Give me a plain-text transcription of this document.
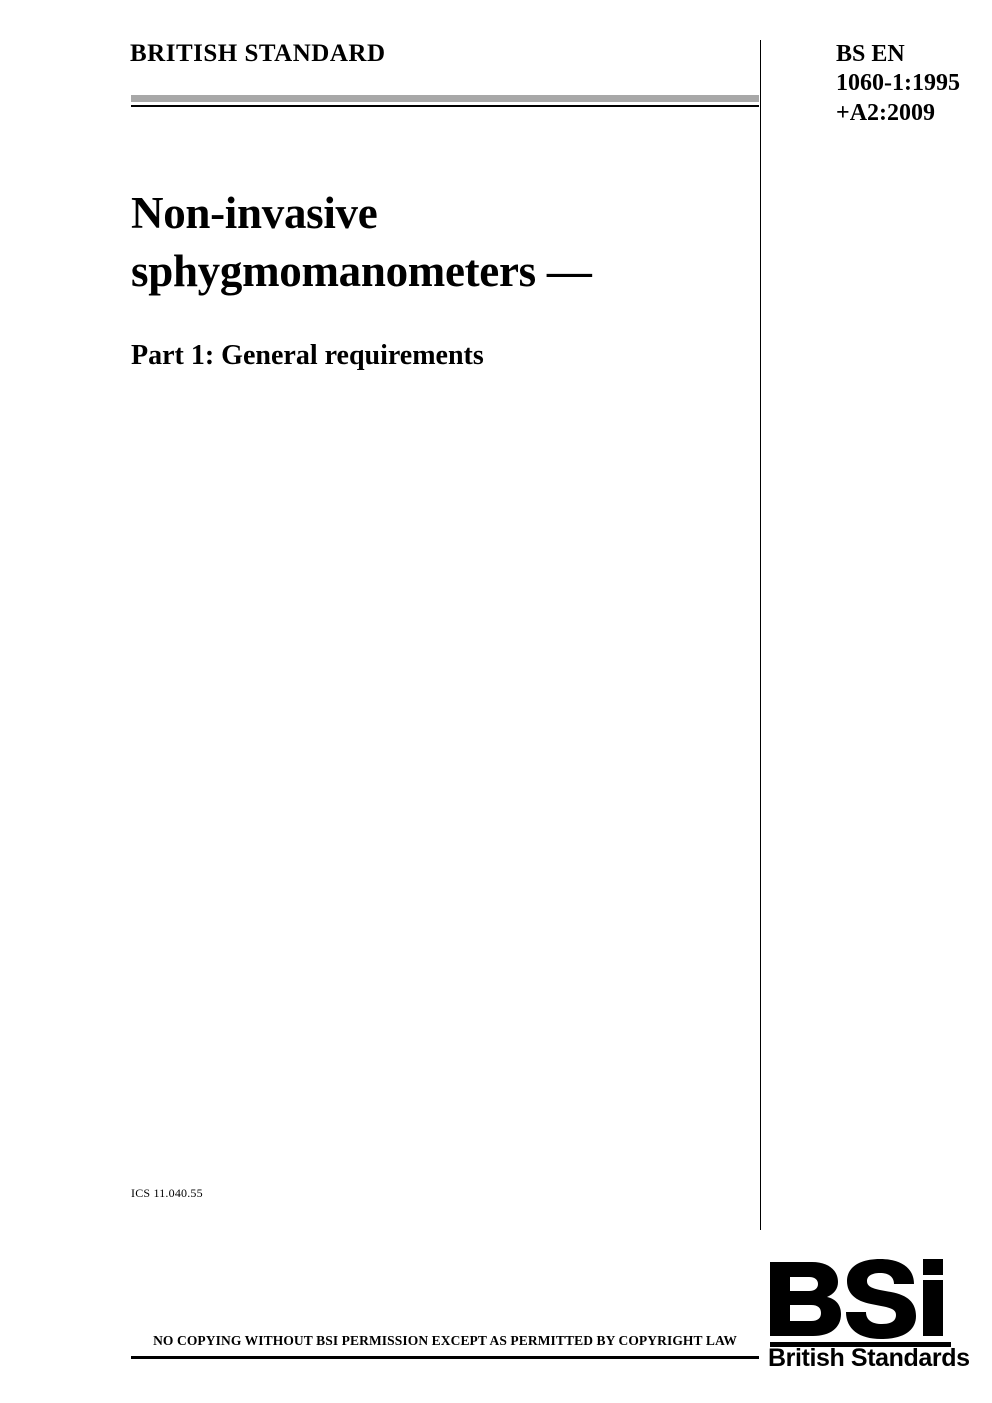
BRITISH STANDARD	BS EN
1060-1:1995
+A2:2009
Non-invasive
sphygmomanometers —
Part 1: General requirements
ICS 11.040.55
NO COPYING WITHOUT BSI PERMISSION EXCEPT AS PERMITTED BY COPYRIGHT LAW
British Standards
